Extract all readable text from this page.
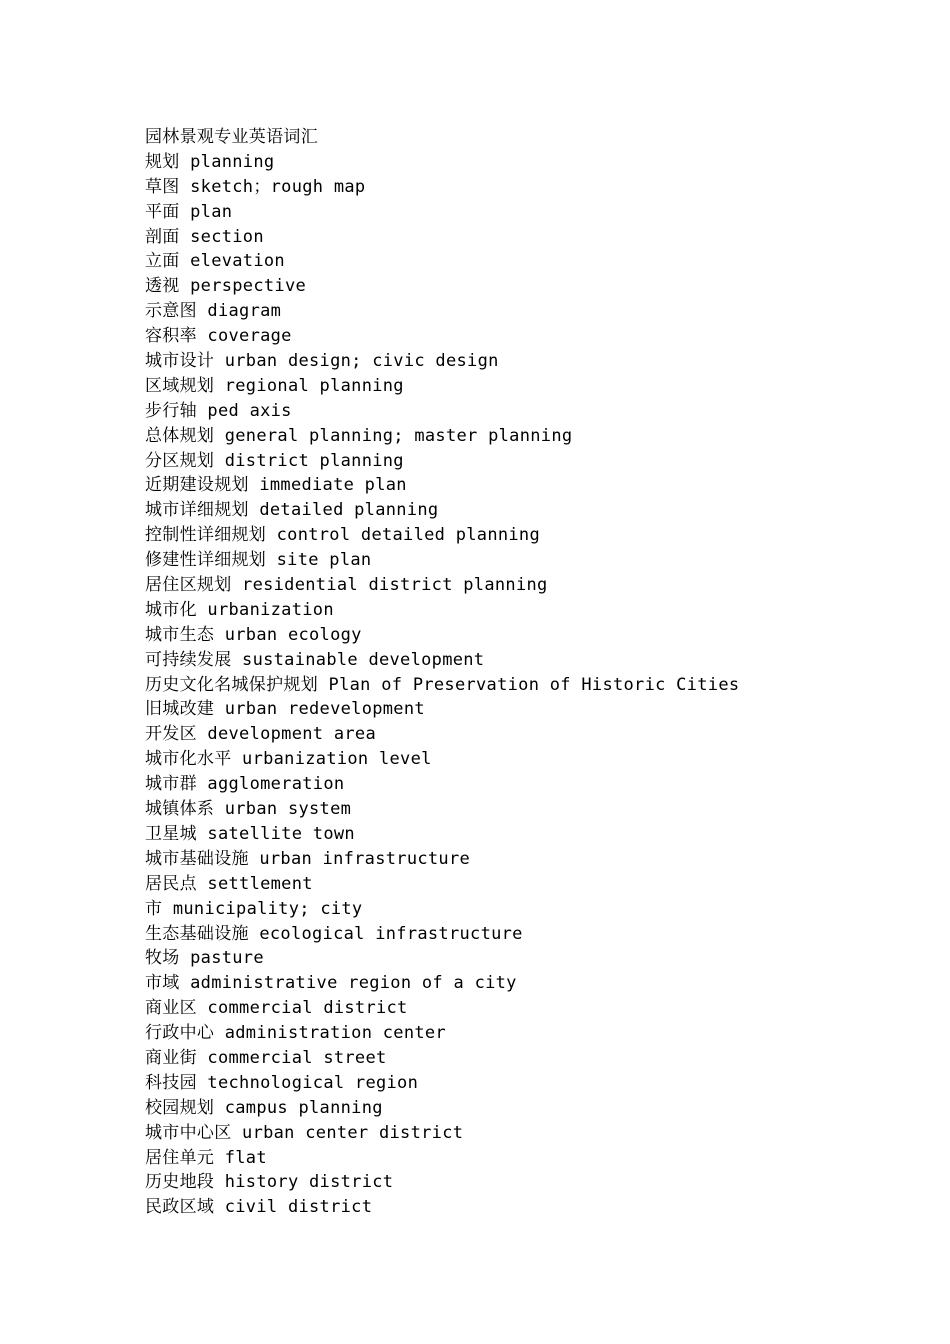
园林景观专业英语词汇
规划 planning
草图 sketch；rough map
平面 plan
剖面 section
立面 elevation
透视 perspective
示意图 diagram
容积率 coverage
城市设计 urban design; civic design
区域规划 regional planning
步行轴 ped axis
总体规划 general planning; master planning
分区规划 district planning
近期建设规划 immediate plan
城市详细规划 detailed planning
控制性详细规划 control detailed planning
修建性详细规划 site plan
居住区规划 residential district planning
城市化 urbanization
城市生态 urban ecology
可持续发展 sustainable development
历史文化名城保护规划 Plan of Preservation of Historic Cities
旧城改建 urban redevelopment
开发区 development area
城市化水平 urbanization level
城市群 agglomeration
城镇体系 urban system
卫星城 satellite town
城市基础设施 urban infrastructure
居民点 settlement
市 municipality; city
生态基础设施 ecological infrastructure
牧场 pasture
市域 administrative region of a city
商业区 commercial district
行政中心 administration center
商业街 commercial street
科技园 technological region
校园规划 campus planning
城市中心区 urban center district
居住单元 flat
历史地段 history district
民政区域 civil district
